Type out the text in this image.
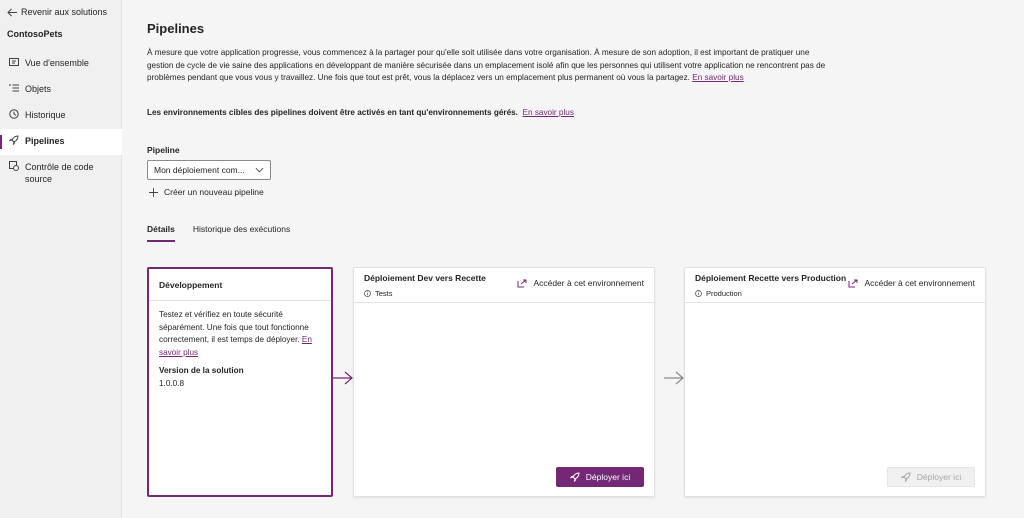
Revenir aux solutions
ContosoPets
Vue d'ensemble
Objets
Historique
Pipelines
Contrôle de code source
Pipelines
À mesure que votre application progresse, vous commencez à la partager pour qu'elle soit utilisée dans votre organisation. À mesure de son adoption, il est important de pratiquer une gestion de cycle de vie saine des applications en développant de manière sécurisée dans un emplacement isolé afin que les personnes qui utilisent votre application ne rencontrent pas de problèmes pendant que vous vous y travaillez. Une fois que tout est prêt, vous la déplacez vers un emplacement plus permanent où vous la partagez. En savoir plus
Les environnements cibles des pipelines doivent être activés en tant qu'environnements gérés. En savoir plus
Pipeline
Mon déploiement com...
Créer un nouveau pipeline
Détails Historique des exécutions
Développement
Testez et vérifiez en toute sécurité séparément. Une fois que tout fonctionne correctement, il est temps de déployer. En savoir plus
Version de la solution
1.0.0.8
Déploiement Dev vers Recette
Tests
Accéder à cet environnement
Déployer ici
Déploiement Recette vers Production
Production
Accéder à cet environnement
Déployer ici
